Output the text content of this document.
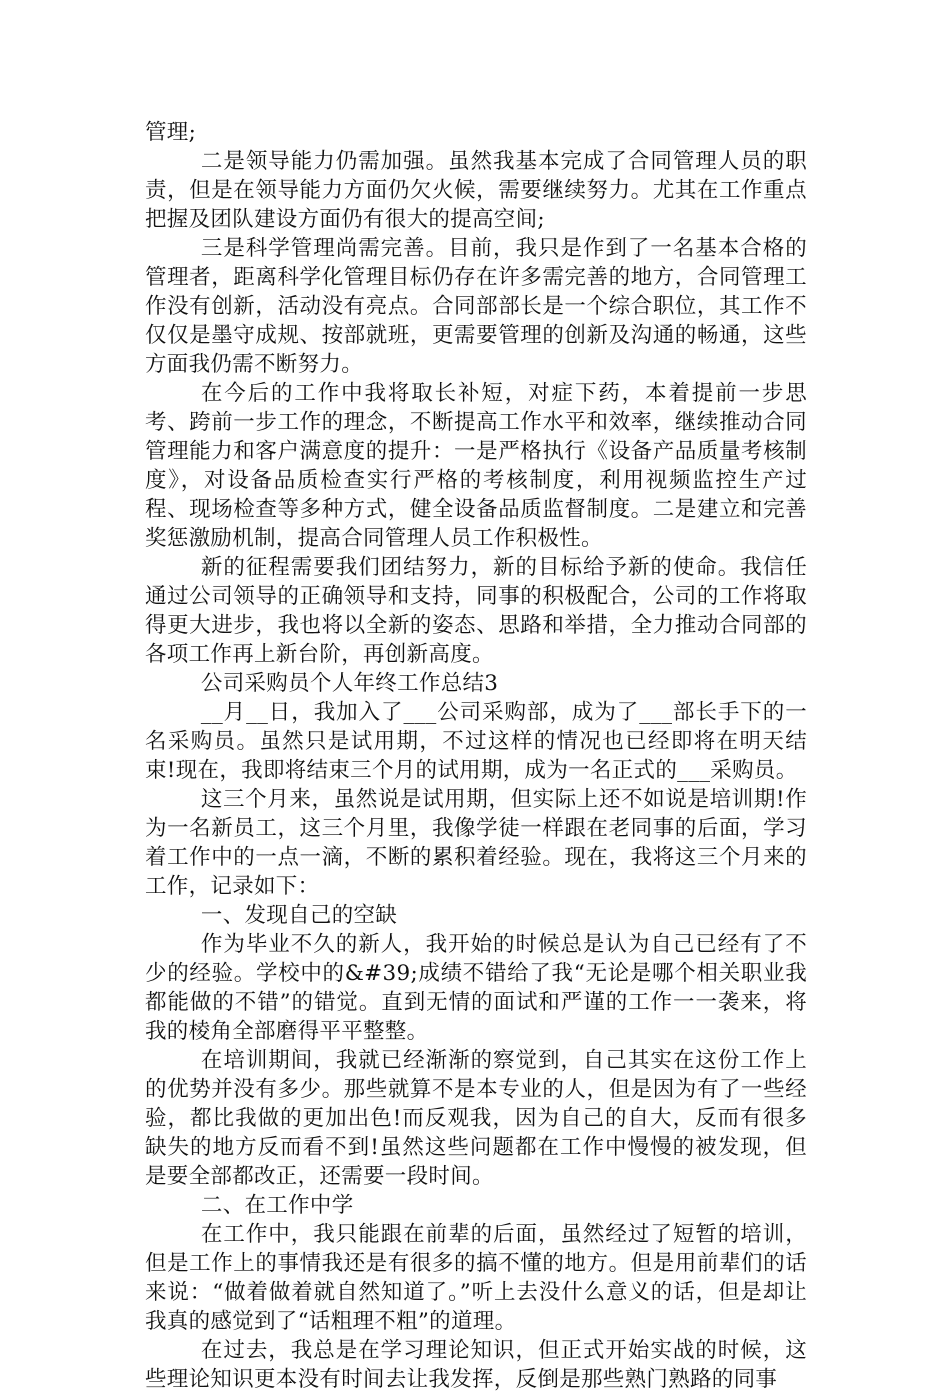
管理;

二是领导能力仍需加强。虽然我基本完成了合同管理人员的职责，但是在领导能力方面仍欠火候，需要继续努力。尤其在工作重点把握及团队建设方面仍有很大的提高空间;

三是科学管理尚需完善。目前，我只是作到了一名基本合格的管理者，距离科学化管理目标仍存在许多需完善的地方，合同管理工作没有创新，活动没有亮点。合同部部长是一个综合职位，其工作不仅仅是墨守成规、按部就班，更需要管理的创新及沟通的畅通，这些方面我仍需不断努力。

在今后的工作中我将取长补短，对症下药，本着提前一步思考、跨前一步工作的理念，不断提高工作水平和效率，继续推动合同管理能力和客户满意度的提升：一是严格执行《设备产品质量考核制度》，对设备品质检查实行严格的考核制度，利用视频监控生产过程、现场检查等多种方式，健全设备品质监督制度。二是建立和完善奖惩激励机制，提高合同管理人员工作积极性。

新的征程需要我们团结努力，新的目标给予新的使命。我信任通过公司领导的正确领导和支持，同事的积极配合，公司的工作将取得更大进步，我也将以全新的姿态、思路和举措，全力推动合同部的各项工作再上新台阶，再创新高度。

公司采购员个人年终工作总结3

__月__日，我加入了___公司采购部，成为了___部长手下的一名采购员。虽然只是试用期，不过这样的情况也已经即将在明天结束!现在，我即将结束三个月的试用期，成为一名正式的___采购员。

这三个月来，虽然说是试用期，但实际上还不如说是培训期!作为一名新员工，这三个月里，我像学徒一样跟在老同事的后面，学习着工作中的一点一滴，不断的累积着经验。现在，我将这三个月来的工作，记录如下：

一、发现自己的空缺

作为毕业不久的新人，我开始的时候总是认为自己已经有了不少的经验。学校中的&#39;成绩不错给了我“无论是哪个相关职业我都能做的不错”的错觉。直到无情的面试和严谨的工作一一袭来，将我的棱角全部磨得平平整整。

在培训期间，我就已经渐渐的察觉到，自己其实在这份工作上的优势并没有多少。那些就算不是本专业的人，但是因为有了一些经验，都比我做的更加出色!而反观我，因为自己的自大，反而有很多缺失的地方反而看不到!虽然这些问题都在工作中慢慢的被发现，但是要全部都改正，还需要一段时间。

二、在工作中学

在工作中，我只能跟在前辈的后面，虽然经过了短暂的培训，但是工作上的事情我还是有很多的搞不懂的地方。但是用前辈们的话来说：“做着做着就自然知道了。”听上去没什么意义的话，但是却让我真的感觉到了“话粗理不粗”的道理。

在过去，我总是在学习理论知识，但正式开始实战的时候，这些理论知识更本没有时间去让我发挥，反倒是那些熟门熟路的同事
